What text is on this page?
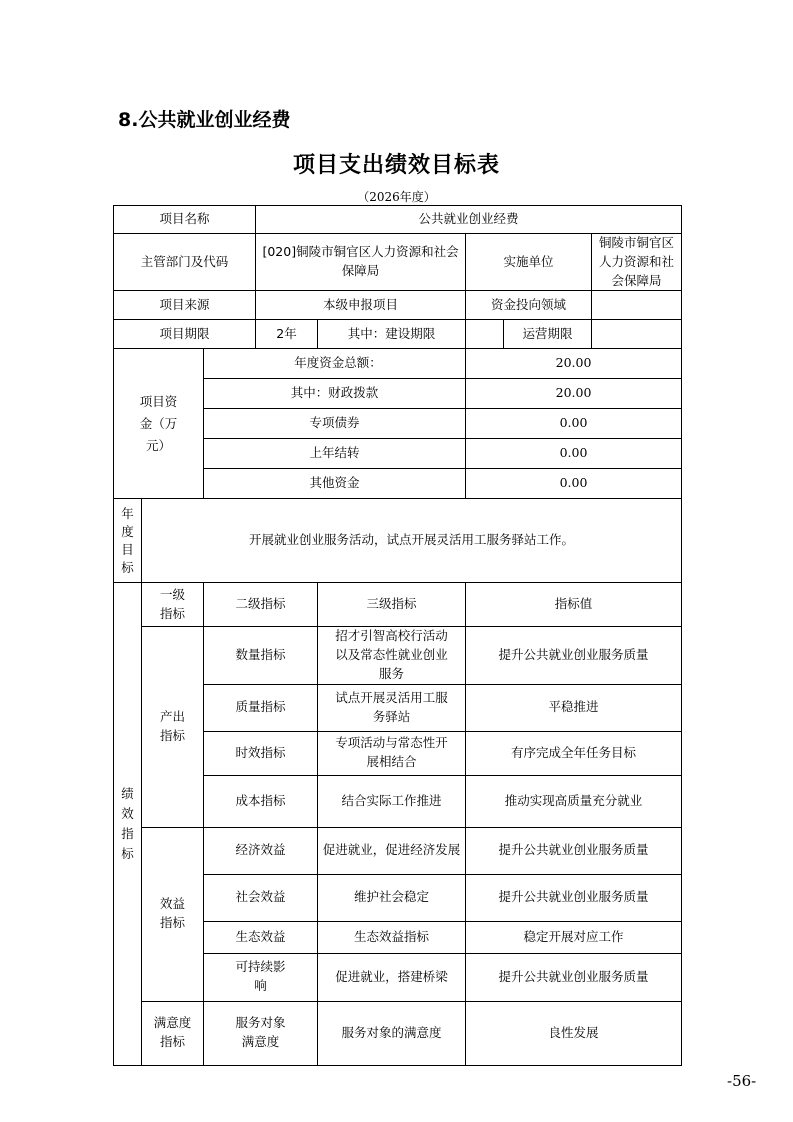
8.公共就业创业经费
项目支出绩效目标表
（2026年度）
项目名称			公共就业创业经费				
主管部门及代码			[020]铜陵市铜官区人力资源和社会保障局		实施单位		铜陵市铜官区人力资源和社会保障局
项目来源			本级申报项目		资金投向领域		
项目期限			2年	其中：建设期限		运营期限	

项目资金（万元）		年度资金总额：			20.00		
		其中：财政拨款			20.00		
		专项债券			0.00		
		上年结转			0.00		
		其他资金			0.00		

年度目标	开展就业创业服务活动，试点开展灵活用工服务驿站工作。						

绩效指标	一级指标	二级指标		三级指标	指标值		

	产出指标	数量指标		招才引智高校行活动以及常态性就业创业服务	提升公共就业创业服务质量		
		质量指标		试点开展灵活用工服务驿站	平稳推进		
		时效指标		专项活动与常态性开展相结合	有序完成全年任务目标		
		成本指标		结合实际工作推进	推动实现高质量充分就业		

	效益指标	经济效益		促进就业，促进经济发展	提升公共就业创业服务质量		
		社会效益		维护社会稳定	提升公共就业创业服务质量		
		生态效益		生态效益指标	稳定开展对应工作		

		可持续影响		促进就业，搭建桥梁	提升公共就业创业服务质量		

	满意度指标	服务对象满意度		服务对象的满意度	良性发展		
-56-
